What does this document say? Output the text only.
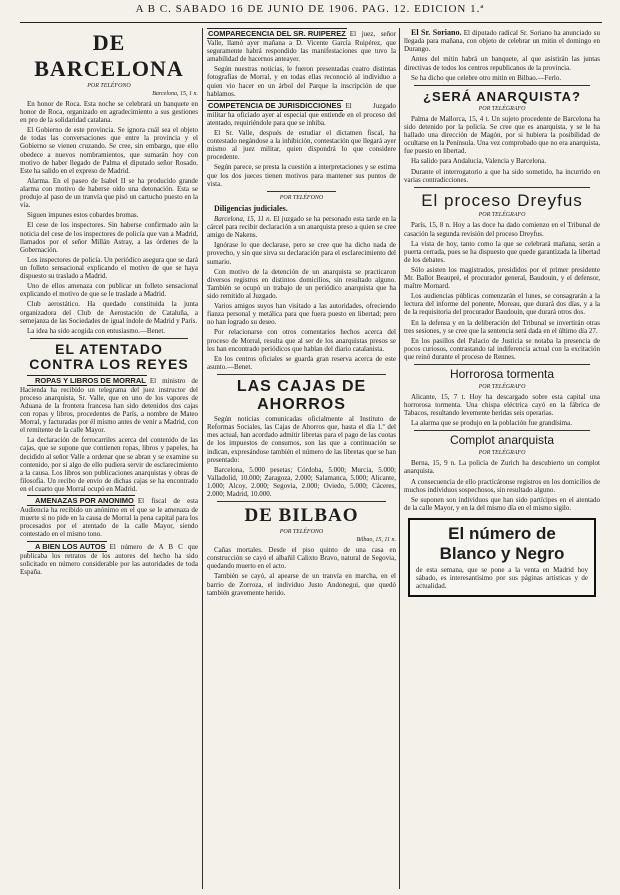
A B C. SABADO 16 DE JUNIO DE 1906. PAG. 12. EDICION 1.ª
DE BARCELONA
POR TELÉFONO
Barcelona, 15, 1 n.

En honor de Roca. Esta noche se celebrará un banquete en honor de Roca, organizado en agradecimiento a sus gestiones en pro de la solidaridad catalana.

El Gobierno de este provincia. Se ignora cuál sea el objeto de todas las conversaciones que entre la provincia y el Gobierno se vienen cruzando. Se cree, sin embargo, que ello obedece a nuevos nombramientos, que sumarán hoy con motivo de haber llegado de Palma el diputado señor Rosado. Este ha salido en el expreso de Madrid.

Alarma. En el paseo de Isabel II se ha producido grande alarma con motivo de haberse oído una detonación. Esta se produjo al paso de un tranvía que pisó un cartucho puesto en la vía.

Siguen impunes estos cobardes bromas.

El cese de los inspectores. Sin haberse confirmado aún la noticia del cese de los inspectores de policía que van a Madrid, llamados por el señor Millán Astray, a las órdenes de la Gobernación.

Los inspectores de policía. Un periódico asegura que se dará un folleto sensacional explicando el motivo de que se haya dispuesto su traslado a Madrid.

Uno de ellos amenaza con publicar un folleto sensacional explicando el motivo de que se le traslade a Madrid.

Club aerostático. Ha quedado constituida la junta organizadora del Club de Aerostación de Cataluña, a semejanza de las Sociedades de igual índole de Madrid y París.

La idea ha sido acogida con entusiasmo.—Benet.

EL ATENTADO CONTRA LOS REYES

ROPAS Y LIBROS DE MORRAL El ministro de Hacienda ha recibido un telegrama del juez instructor del proceso anarquista, Sr. Valle, que en uno de los vapores de Aduana de la frontera francesa han sido detenidos dos cajas con ropas y libros, procedentes de París, a nombre de Mateo Morral, y facturadas por él mismo antes de venir a Madrid, con el remitente de la calle Mayor.

La declaración de ferrocarriles acerca del contenido de las cajas, que se supone que contienen ropas, libros y papeles, ha decidido al señor Valle a ordenar que se abran y se examine su contenido, por si algo de ello pudiera servir de esclarecimiento a la causa. Los libros son publicaciones anarquistas y obras de filosofía. Un recibo de envío de dichas cajas se ha encontrado en el cuarto que Morral ocupó en Madrid.

AMENAZAS POR ANONIMO El fiscal de esta Audiencia ha recibido un anónimo en el que se le amenaza de muerte si no pide en la causa de Morral la pena capital para los procesados por el atentado de la calle Mayor, siendo contestado en el mismo tono.

A BIEN LOS AUTOS El número de A B C que publicaba los retratos de los autores del hecho ha sido solicitado en número considerable por las autoridades de toda España.

COMPARECENCIA DEL SR. RUIPEREZ El juez, señor Valle, llamó ayer mañana a D. Vicente García Ruipérez, que seguramente habrá respondido las manifestaciones que tuvo la amabilidad de hacernos anteayer.

Según nuestras noticias, le fueron presentadas cuatro distintas fotografías de Morral, y en todas ellas reconoció al individuo a quien vio hacer en un árbol del Parque la inscripción de que hablamos.

COMPETENCIA DE JURISDICCIONES El Juzgado militar ha oficiado ayer al especial que entiende en el proceso del atentado, requiriéndole para que se inhiba.

El Sr. Valle, después de estudiar el dictamen fiscal, ha contestado negándose a la inhibición, contestación que llegará ayer mismo al juez militar, quien dispondrá lo que considere procedente.

Según parece, se presta la cuestión a interpretaciones y se estima que los dos jueces tienen motivos para mantener sus puntos de vista.

POR TELÉFONO

Diligencias judiciales.

Barcelona, 15, 11 n. El juzgado se ha personado esta tarde en la cárcel para recibir declaración a un anarquista preso a quien se cree amigo de Nakens.

Ignórase lo que declarase, pero se cree que ha dicho nada de provecho, y sin que sirva su declaración para el esclarecimiento del sumario.

Con motivo de la detención de un anarquista se practicaron diversos registros en distintos domicilios, sin resultado alguno. También se ocupó un trabajo de un periódico anarquista que ha sido remitido al Juzgado.

Varios amigos suyos han visitado a las autoridades, ofreciendo fianza personal y metálica para que fuera puesto en libertad; pero no han logrado su deseo.

Por relacionarse con otros comentarios hechos acerca del proceso de Morral, resulta que al ser de los anarquistas presos se les han encontrado periódicos que hablan del diario catalanista.

En los centros oficiales se guarda gran reserva acerca de este asunto.—Benet.

LAS CAJAS DE AHORROS

Según noticias comunicadas oficialmente al Instituto de Reformas Sociales, las Cajas de Ahorros que, hasta el día 1.º del mes actual, han acordado admitir libretas para el pago de las cuotas de los impuestos de consumos, son las que a continuación se indican, expresándose también el número de las libretas que se han presentado:

Barcelona, 5.000 pesetas; Córdoba, 5.000; Murcia, 5.000; Valladolid, 10.000; Zaragoza, 2.000; Salamanca, 5.000; Alicante, 1.000; Alcoy, 2.000; Segovia, 2.000; Oviedo, 5.000; Cáceres, 2.000; Madrid, 10.000.

DE BILBAO
POR TELÉFONO
Bilbao, 15, 11 n.

Cañas mortales. Desde el piso quinto de una casa en construcción se cayó el albañil Calixto Bravo, natural de Segovia, quedando muerto en el acto.

También se cayó, al apearse de un tranvía en marcha, en el barrio de Zorroza, el individuo Justo Andonegui, que quedó también gravemente herido.

El Sr. Soriano. El diputado radical Sr. Soriano ha anunciado su llegada para mañana, con objeto de celebrar un mitin el domingo en Durango.

Antes del mitin habrá un banquete, al que asistirán las juntas directivas de todos los centros republicanos de la provincia.

Se ha dicho que celebre otro mitin en Bilbao.—Ferlo.

¿SERÁ ANARQUISTA?
POR TELÉGRAFO

Palma de Mallorca, 15, 4 t. Un sujeto procedente de Barcelona ha sido detenido por la policía. Se cree que es anarquista, y se le ha hallado una dirección de Magón, por si hubiera la posibilidad de ocultarse en la Península. Una vez comprobado que no era anarquista, fue puesto en libertad.

Ha salido para Andalucía, Valencia y Barcelona.

Durante el interrogatorio a que ha sido sometido, ha incurrido en varias contradicciones.

El proceso Dreyfus
POR TELÉGRAFO

París, 15, 8 n. Hoy a las doce ha dado comienzo en el Tribunal de casación la segunda revisión del proceso Dreyfus.

La vista de hoy, tanto como la que se celebrará mañana, serán a puerta cerrada, pues se ha dispuesto que quede garantizada la libertad de los debates.

Sólo asisten los magistrados, presididos por el primer presidente Mr. Ballot Beaupré, el procurador general, Baudouin, y el defensor, maître Mornard.

Los audiencias públicas comenzarán el lunes, se consagrarán a la lectura del informe del ponente, Moreau, que durará dos días, y a la de la requisitoria del procurador Baudouin, que durará otros dos.

En la defensa y en la deliberación del Tribunal se invertirán otras tres sesiones, y se cree que la sentencia será dada en el último día 27.

En los pasillos del Palacio de Justicia se notaba la presencia de pocos curiosos, contrastando tal indiferencia actual con la excitación que reinó durante el proceso de Rennes.

Horrorosa tormenta
POR TELÉGRAFO

Alicante, 15, 7 t. Hoy ha descargado sobre esta capital una horrorosa tormenta. Una chispa eléctrica cayó en la fábrica de Tabacos, resultando levemente heridas seis operarias.

La alarma que se produjo en la población fue grandísima.

Complot anarquista
POR TELÉGRAFO

Berna, 15, 9 n. La policía de Zurich ha descubierto un complot anarquista.

A consecuencia de ello practicáronse registros en los domicilios de muchos individuos sospechosos, sin resultado alguno.

Se suponen son individuos que han sido partícipes en el atentado de la calle Mayor, y en la del mismo día en el mismo sigilo.

El número de
Blanco y Negro
de esta semana, que se pone a la venta en Madrid hoy sábado, es interesantísimo por sus páginas artísticas y de actualidad.
